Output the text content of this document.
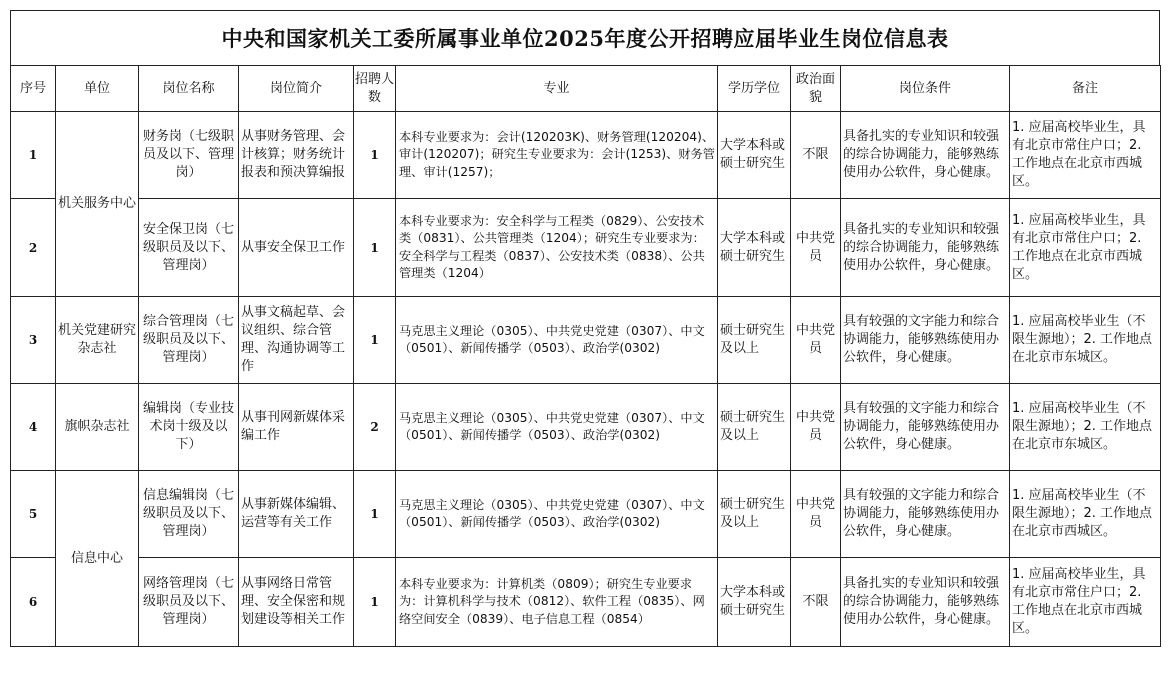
中央和国家机关工委所属事业单位2025年度公开招聘应届毕业生岗位信息表
序号	单位	岗位名称	岗位简介	招聘人数	专业	学历学位	政治面貌	岗位条件	备注
1	机关服务中心	财务岗（七级职员及以下、管理岗）	从事财务管理、会计核算；财务统计报表和预决算编报	1	本科专业要求为：会计(120203K)、财务管理(120204)、审计(120207)；研究生专业要求为：会计(1253)、财务管理、审计(1257)；	大学本科或硕士研究生	不限	具备扎实的专业知识和较强的综合协调能力，能够熟练使用办公软件，身心健康。	1. 应届高校毕业生，具有北京市常住户口；2. 工作地点在北京市西城区。
2		安全保卫岗（七级职员及以下、管理岗）	从事安全保卫工作	1	本科专业要求为：安全科学与工程类（0829）、公安技术类（0831）、公共管理类（1204）；研究生专业要求为：安全科学与工程类（0837）、公安技术类（0838）、公共管理类（1204）	大学本科或硕士研究生	中共党员	具备扎实的专业知识和较强的综合协调能力，能够熟练使用办公软件，身心健康。	1. 应届高校毕业生，具有北京市常住户口；2. 工作地点在北京市西城区。
3	机关党建研究杂志社	综合管理岗（七级职员及以下、管理岗）	从事文稿起草、会议组织、综合管理、沟通协调等工作	1	马克思主义理论（0305）、中共党史党建（0307）、中文（0501）、新闻传播学（0503）、政治学(0302)	硕士研究生及以上	中共党员	具有较强的文字能力和综合协调能力，能够熟练使用办公软件，身心健康。	1. 应届高校毕业生（不限生源地）；2. 工作地点在北京市东城区。
4	旗帜杂志社	编辑岗（专业技术岗十级及以下）	从事刊网新媒体采编工作	2	马克思主义理论（0305）、中共党史党建（0307）、中文（0501）、新闻传播学（0503）、政治学(0302)	硕士研究生及以上	中共党员	具有较强的文字能力和综合协调能力，能够熟练使用办公软件，身心健康。	1. 应届高校毕业生（不限生源地）；2. 工作地点在北京市东城区。
5	信息中心	信息编辑岗（七级职员及以下、管理岗）	从事新媒体编辑、运营等有关工作	1	马克思主义理论（0305）、中共党史党建（0307）、中文（0501）、新闻传播学（0503）、政治学(0302)	硕士研究生及以上	中共党员	具有较强的文字能力和综合协调能力，能够熟练使用办公软件，身心健康。	1. 应届高校毕业生（不限生源地）；2. 工作地点在北京市西城区。
6		网络管理岗（七级职员及以下、管理岗）	从事网络日常管理、安全保密和规划建设等相关工作	1	本科专业要求为：计算机类（0809）；研究生专业要求为：计算机科学与技术（0812）、软件工程（0835）、网络空间安全（0839）、电子信息工程（0854）	大学本科或硕士研究生	不限	具备扎实的专业知识和较强的综合协调能力，能够熟练使用办公软件，身心健康。	1. 应届高校毕业生，具有北京市常住户口；2. 工作地点在北京市西城区。
